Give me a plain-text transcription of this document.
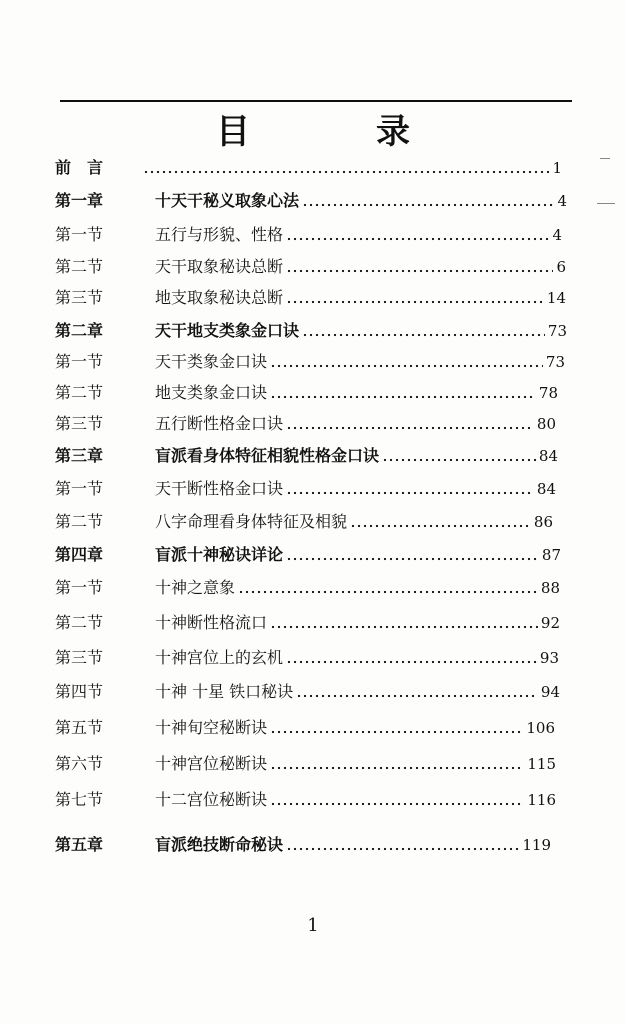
目　录
前　言	1
第一章	十天干秘义取象心法	4
第一节	五行与形貌、性格	4
第二节	天干取象秘诀总断	6
第三节	地支取象秘诀总断	14
第二章	天干地支类象金口诀	73
第一节	天干类象金口诀	73
第二节	地支类象金口诀	78
第三节	五行断性格金口诀	80
第三章	盲派看身体特征相貌性格金口诀	84
第一节	天干断性格金口诀	84
第二节	八字命理看身体特征及相貌	86
第四章	盲派十神秘诀详论	87
第一节	十神之意象	88
第二节	十神断性格流口	92
第三节	十神宫位上的玄机	93
第四节	十神 十星 铁口秘诀	94
第五节	十神旬空秘断诀	106
第六节	十神宫位秘断诀	115
第七节	十二宫位秘断诀	116
第五章	盲派绝技断命秘诀	119
1
